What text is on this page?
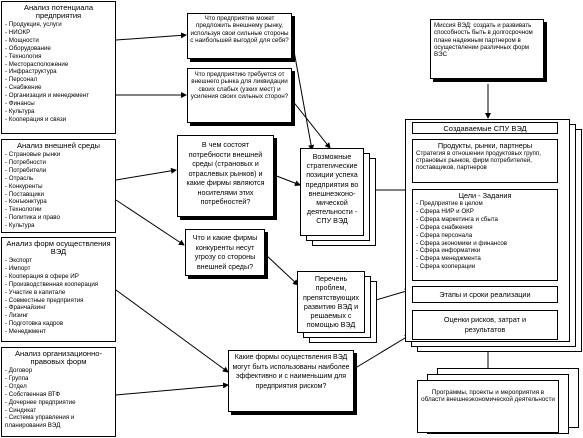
Анализ потенциала предприятия
- Продукция, услуги
- НИОКР
- Мощности
- Оборудование
- Технология
- Месторасположение
- Инфраструктура
- Персонал
- Снабжение
- Организация и менеджмент
- Финансы
- Культура
- Кооперация и связи
Анализ внешней среды
- Страновые рынки
- Потребности
- Потребители
- Отрасль
- Конкуренты
- Поставщики
- Конъюнктура
- Технологии
- Политика и право
- Культура
Анализ форм осуществления ВЭД
- Экспорт
- Импорт
- Кооперация в сфере ИР
- Производственная кооперация
- Участие в капитале
- Совместные предприятия
- Франчайзинг
- Лизинг
- Подготовка кадров
- Менеджмент
Анализ организационно-правовых форм
- Договор
- Группа
- Отдел
- Собственная ВТФ
- Дочернее предприятие
- Синдикат
- Система управления и планирования ВЭД
Что предприятие может предложить внешнему рынку, используя свои сильные стороны с наибольшей выгодой для себя?
Что предприятию требуется от внешнего рынка для ликвидации своих слабых (узких мест) и усиления своих сильных сторон?
В чем состоят потребности внешней среды (страновых и отраслевых рынков) и какие фирмы являются носителями этих потребностей?
Что и какие фирмы конкуренты несут угрозу со стороны внешней среды?
Какие формы осуществления ВЭД могут быть использованы наиболее эффективно и с наименьшим для предприятия риском?
Возможные стратегические позиции успеха предприятия во внешнеэконо-мической деятельности - СПУ ВЭД
Перечень проблем, препятствующих развитию ВЭД и решаемых с помощью ВЭД
Миссия ВЭД: создать и развивать способность быть в долгосрочном плане надежным партнером в осуществлении различных форм ВЭС
Создаваемые СПУ ВЭД
Продукты, рынки, партнеры
Стратегия в отношении продуктовых групп, страновых рынков, фирм потребителей, поставщиков, партнеров
Цели - Задания
- Предприятие в целом
- Сфера НИР и ОКР
- Сфера маркетинга и сбыта
- Сфера снабжения
- Сфера персонала
- Сфера экономики и финансов
- Сфера информатики
- Сфера менеджмента
- Сфера кооперации
Этапы и сроки реализации
Оценки рисков, затрат и результатов
Программы, проекты и мероприятия в области внешнеэкономической деятельности
